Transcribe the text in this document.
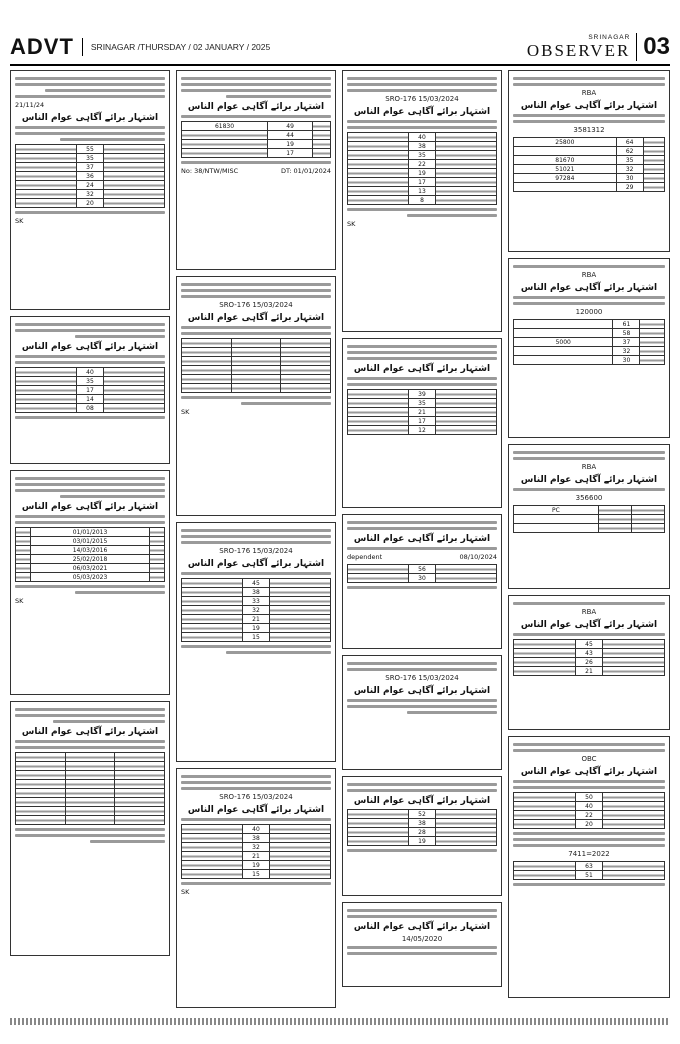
ADVT SRINAGAR /THURSDAY / 02 JANUARY / 2025
SRINAGAR
OBSERVER 03
21/11/24
اشتہار برائے آگاہی عوام الناس
	55	
	35	
	37	
	36	
	24	
	32	
	20	
SK
اشتہار برائے آگاہی عوام الناس
	40	
	35	
	17	
	14	
	08	
اشتہار برائے آگاہی عوام الناس
	01/01/2013	
	03/01/2015	
	14/03/2016	
	25/02/2018	
	06/03/2021	
	05/03/2023	
SK
اشتہار برائے آگاہی عوام الناس

اشتہار برائے آگاہی عوام الناس
61830	49	
	44	
	19	
	17	
No: 38/NTW/MISC	DT: 01/01/2024
SRO-176 15/03/2024
اشتہار برائے آگاہی عوام الناس

SK
SRO-176 15/03/2024
اشتہار برائے آگاہی عوام الناس
	45	
	38	
	33	
	32	
	21	
	19	
	15	
SRO-176 15/03/2024
اشتہار برائے آگاہی عوام الناس
	40	
	38	
	32	
	21	
	19	
	15	
SK
SRO-176 15/03/2024
اشتہار برائے آگاہی عوام الناس
	40	
	38	
	35	
	22	
	19	
	17	
	13	
	8	
SK
اشتہار برائے آگاہی عوام الناس
	39	
	35	
	21	
	17	
	12	
اشتہار برائے آگاہی عوام الناس
dependent	08/10/2024
	56	
	30	
SRO-176 15/03/2024
اشتہار برائے آگاہی عوام الناس
اشتہار برائے آگاہی عوام الناس
	52	
	38	
	28	
	19	
اشتہار برائے آگاہی عوام الناس
14/05/2020
RBA
اشتہار برائے آگاہی عوام الناس
3581312
25800	64	
	62	
81670	35	
51021	32	
97284	30	
	29	
RBA
اشتہار برائے آگاہی عوام الناس
120000
	61	
	58	
5000	37	
	32	
	30	
RBA
اشتہار برائے آگاہی عوام الناس
356600
PC		

RBA
اشتہار برائے آگاہی عوام الناس
	45	
	43	
	26	
	21	
OBC
اشتہار برائے آگاہی عوام الناس
	50	
	40	
	22	
	20	
7411=2022
	63	
	51	
